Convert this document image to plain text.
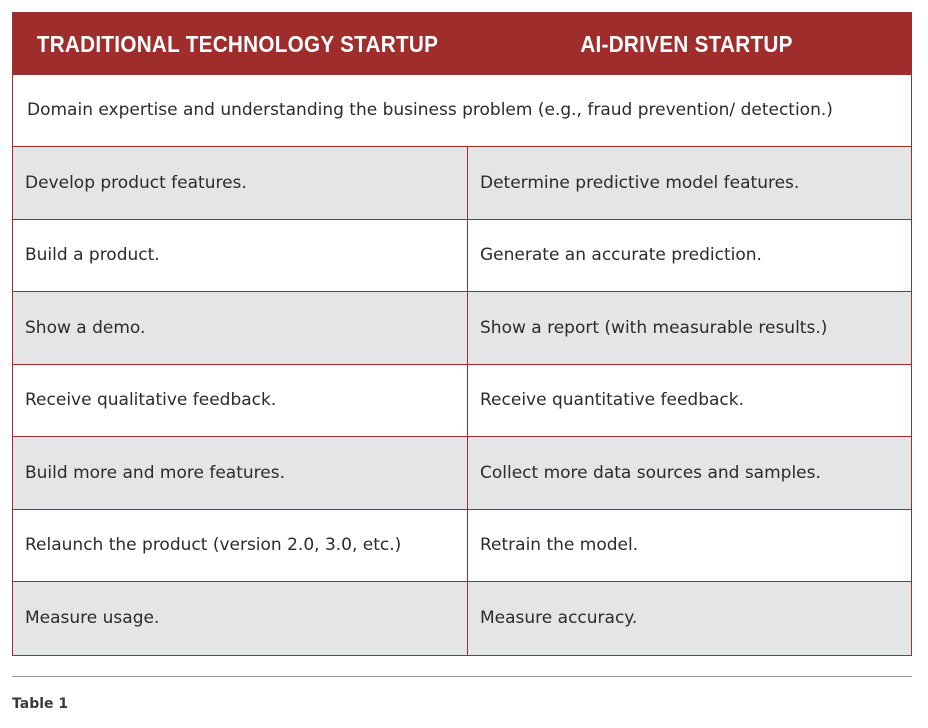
TRADITIONAL TECHNOLOGY STARTUP	AI-DRIVEN STARTUP
Domain expertise and understanding the business problem (e.g., fraud prevention/ detection.)
Develop product features.	Determine predictive model features.
Build a product.	Generate an accurate prediction.
Show a demo.	Show a report (with measurable results.)
Receive qualitative feedback.	Receive quantitative feedback.
Build more and more features.	Collect more data sources and samples.
Relaunch the product (version 2.0, 3.0, etc.)	Retrain the model.
Measure usage.	Measure accuracy.
Table 1
